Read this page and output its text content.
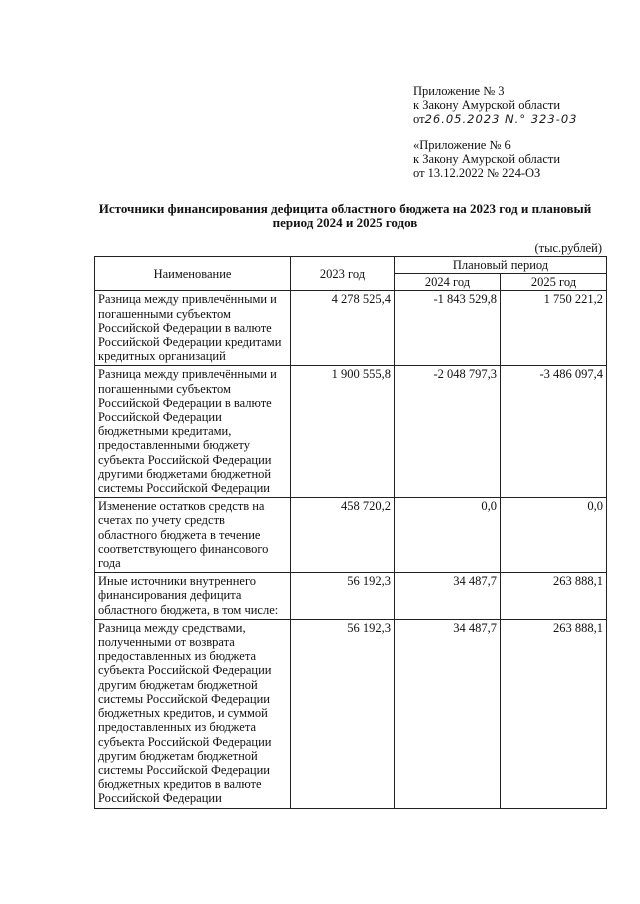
Приложение № 3
к Закону Амурской области
от26.05.2023 N.° 323-03
«Приложение № 6
к Закону Амурской области
от 13.12.2022 № 224-ОЗ
Источники финансирования дефицита областного бюджета на 2023 год и плановый
период 2024 и 2025 годов
(тыс.рублей)
Наименование	2023 год	Плановый период	
		2024 год	2025 год
Разница между привлечёнными и погашенными субъектом Российской Федерации в валюте Российской Федерации кредитами кредитных организаций	4 278 525,4	-1 843 529,8	1 750 221,2
Разница между привлечёнными и погашенными субъектом Российской Федерации в валюте Российской Федерации бюджетными кредитами, предоставленными бюджету субъекта Российской Федерации другими бюджетами бюджетной системы Российской Федерации	1 900 555,8	-2 048 797,3	-3 486 097,4
Изменение остатков средств на счетах по учету средств областного бюджета в течение соответствующего финансового года	458 720,2	0,0	0,0
Иные источники внутреннего финансирования дефицита областного бюджета, в том числе:	56 192,3	34 487,7	263 888,1
Разница между средствами, полученными от возврата предоставленных из бюджета субъекта Российской Федерации другим бюджетам бюджетной системы Российской Федерации бюджетных кредитов, и суммой предоставленных из бюджета субъекта Российской Федерации другим бюджетам бюджетной системы Российской Федерации бюджетных кредитов в валюте Российской Федерации	56 192,3	34 487,7	263 888,1
